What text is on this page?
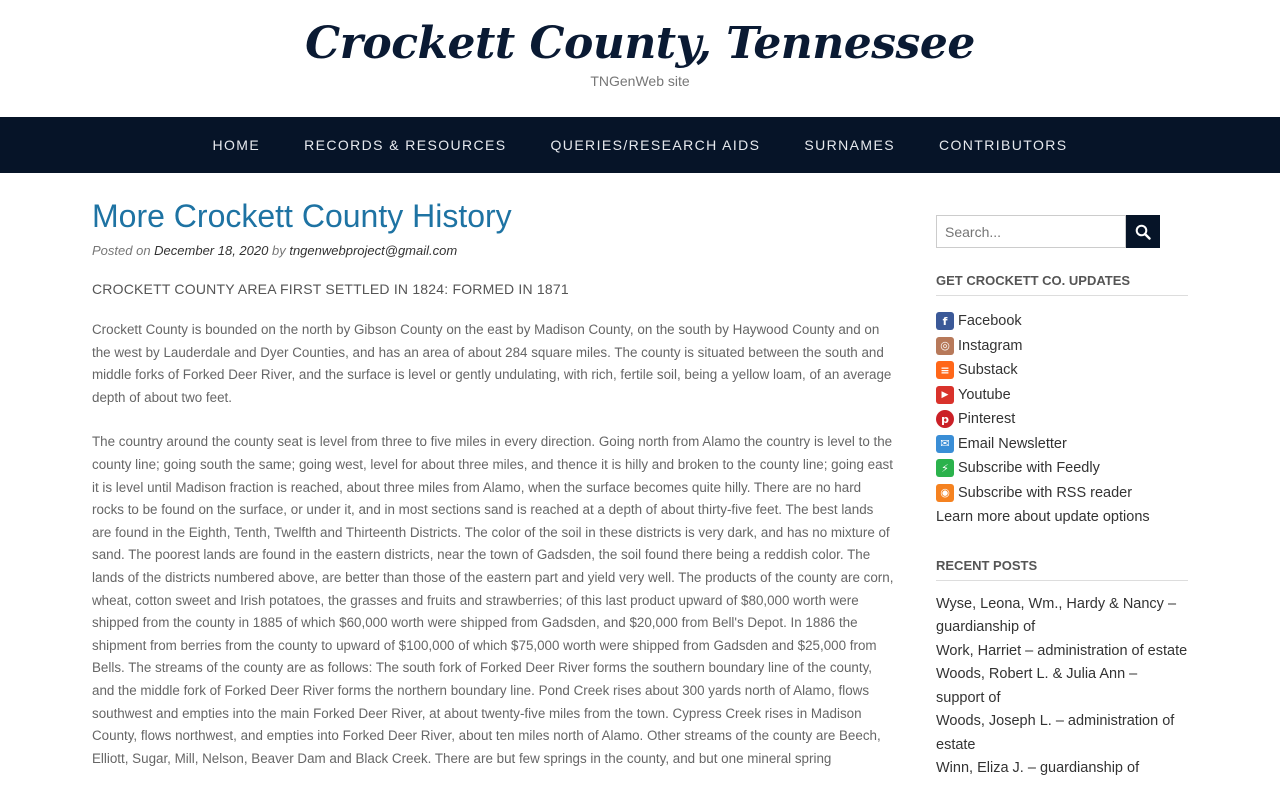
Crockett County, Tennessee
TNGenWeb site
HOME	RECORDS & RESOURCES	QUERIES/RESEARCH AIDS	SURNAMES	CONTRIBUTORS
More Crockett County History
Posted on December 18, 2020 by tngenwebproject@gmail.com
CROCKETT COUNTY AREA FIRST SETTLED IN 1824: FORMED IN 1871

Crockett County is bounded on the north by Gibson County on the east by Madison County, on the south by Haywood County and on the west by Lauderdale and Dyer Counties, and has an area of about 284 square miles. The county is situated between the south and middle forks of Forked Deer River, and the surface is level or gently undulating, with rich, fertile soil, being a yellow loam, of an average depth of about two feet.

The country around the county seat is level from three to five miles in every direction. Going north from Alamo the country is level to the county line; going south the same; going west, level for about three miles, and thence it is hilly and broken to the county line; going east it is level until Madison fraction is reached, about three miles from Alamo, when the surface becomes quite hilly. There are no hard rocks to be found on the surface, or under it, and in most sections sand is reached at a depth of about thirty-five feet. The best lands are found in the Eighth, Tenth, Twelfth and Thirteenth Districts. The color of the soil in these districts is very dark, and has no mixture of sand. The poorest lands are found in the eastern districts, near the town of Gadsden, the soil found there being a reddish color. The lands of the districts numbered above, are better than those of the eastern part and yield very well. The products of the county are corn, wheat, cotton sweet and Irish potatoes, the grasses and fruits and strawberries; of this last product upward of $80,000 worth were shipped from the county in 1885 of which $60,000 worth were shipped from Gadsden, and $20,000 from Bell's Depot. In 1886 the shipment from berries from the county to upward of $100,000 of which $75,000 worth were shipped from Gadsden and $25,000 from Bells. The streams of the county are as follows: The south fork of Forked Deer River forms the southern boundary line of the county, and the middle fork of Forked Deer River forms the northern boundary line. Pond Creek rises about 300 yards north of Alamo, flows southwest and empties into the main Forked Deer River, at about twenty-five miles from the town. Cypress Creek rises in Madison County, flows northwest, and empties into Forked Deer River, about ten miles north of Alamo. Other streams of the county are Beech, Elliott, Sugar, Mill, Nelson, Beaver Dam and Black Creek. There are but few springs in the county, and but one mineral spring

Search...
GET CROCKETT CO. UPDATES
f Facebook
◎ Instagram
≡ Substack
▶ Youtube
p Pinterest
✉ Email Newsletter
⚡ Subscribe with Feedly
◉ Subscribe with RSS reader
Learn more about update options
RECENT POSTS
Wyse, Leona, Wm., Hardy & Nancy – guardianship of
Work, Harriet – administration of estate
Woods, Robert L. & Julia Ann – support of
Woods, Joseph L. – administration of estate
Winn, Eliza J. – guardianship of
